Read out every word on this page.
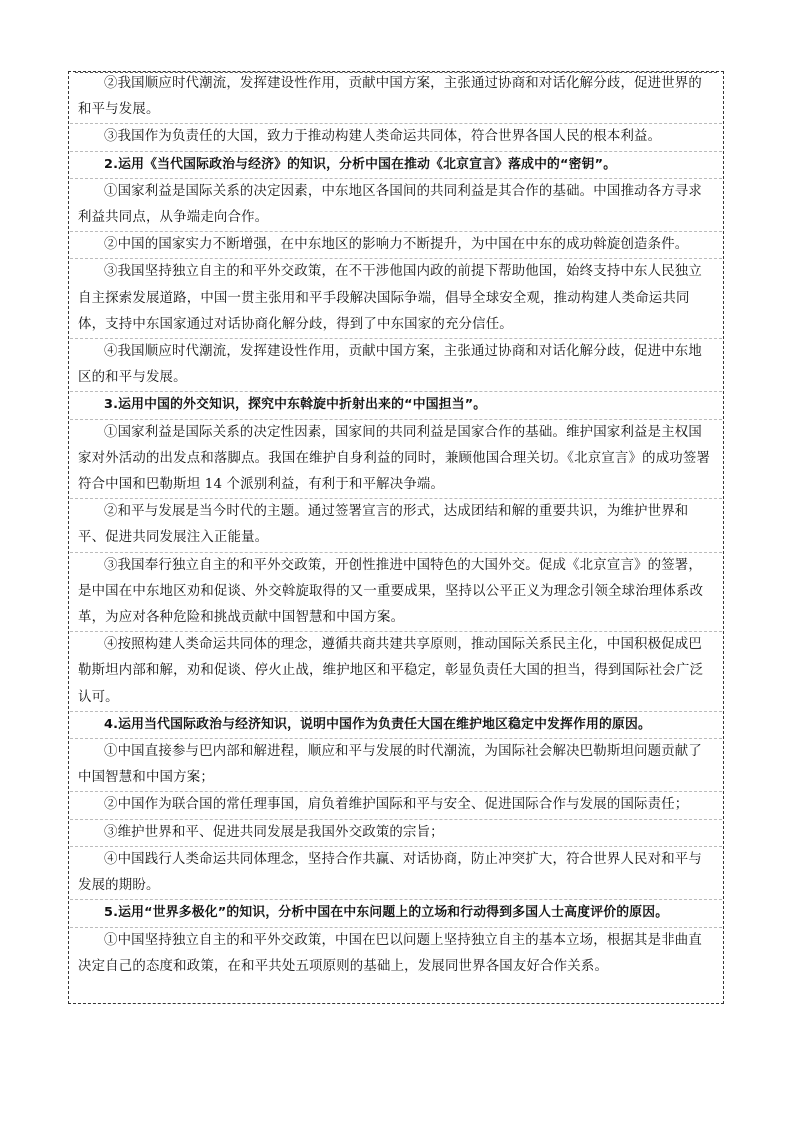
②我国顺应时代潮流，发挥建设性作用，贡献中国方案，主张通过协商和对话化解分歧，促进世界的和平与发展。
③我国作为负责任的大国，致力于推动构建人类命运共同体，符合世界各国人民的根本利益。
2.运用《当代国际政治与经济》的知识，分析中国在推动《北京宣言》落成中的“密钥”。
①国家利益是国际关系的决定因素，中东地区各国间的共同利益是其合作的基础。中国推动各方寻求利益共同点，从争端走向合作。
②中国的国家实力不断增强，在中东地区的影响力不断提升，为中国在中东的成功斡旋创造条件。
③我国坚持独立自主的和平外交政策，在不干涉他国内政的前提下帮助他国，始终支持中东人民独立自主探索发展道路，中国一贯主张用和平手段解决国际争端，倡导全球安全观，推动构建人类命运共同体，支持中东国家通过对话协商化解分歧，得到了中东国家的充分信任。
④我国顺应时代潮流，发挥建设性作用，贡献中国方案，主张通过协商和对话化解分歧，促进中东地区的和平与发展。
3.运用中国的外交知识，探究中东斡旋中折射出来的“中国担当”。
①国家利益是国际关系的决定性因素，国家间的共同利益是国家合作的基础。维护国家利益是主权国家对外活动的出发点和落脚点。我国在维护自身利益的同时，兼顾他国合理关切。《北京宣言》的成功签署符合中国和巴勒斯坦 14 个派别利益，有利于和平解决争端。
②和平与发展是当今时代的主题。通过签署宣言的形式，达成团结和解的重要共识，为维护世界和平、促进共同发展注入正能量。
③我国奉行独立自主的和平外交政策，开创性推进中国特色的大国外交。促成《北京宣言》的签署，是中国在中东地区劝和促谈、外交斡旋取得的又一重要成果，坚持以公平正义为理念引领全球治理体系改革，为应对各种危险和挑战贡献中国智慧和中国方案。
④按照构建人类命运共同体的理念，遵循共商共建共享原则，推动国际关系民主化，中国积极促成巴勒斯坦内部和解，劝和促谈、停火止战，维护地区和平稳定，彰显负责任大国的担当，得到国际社会广泛认可。
4.运用当代国际政治与经济知识，说明中国作为负责任大国在维护地区稳定中发挥作用的原因。
①中国直接参与巴内部和解进程，顺应和平与发展的时代潮流，为国际社会解决巴勒斯坦问题贡献了中国智慧和中国方案；
②中国作为联合国的常任理事国，肩负着维护国际和平与安全、促进国际合作与发展的国际责任；
③维护世界和平、促进共同发展是我国外交政策的宗旨；
④中国践行人类命运共同体理念，坚持合作共赢、对话协商，防止冲突扩大，符合世界人民对和平与发展的期盼。
5.运用“世界多极化”的知识，分析中国在中东问题上的立场和行动得到多国人士高度评价的原因。
①中国坚持独立自主的和平外交政策，中国在巴以问题上坚持独立自主的基本立场，根据其是非曲直决定自己的态度和政策，在和平共处五项原则的基础上，发展同世界各国友好合作关系。
